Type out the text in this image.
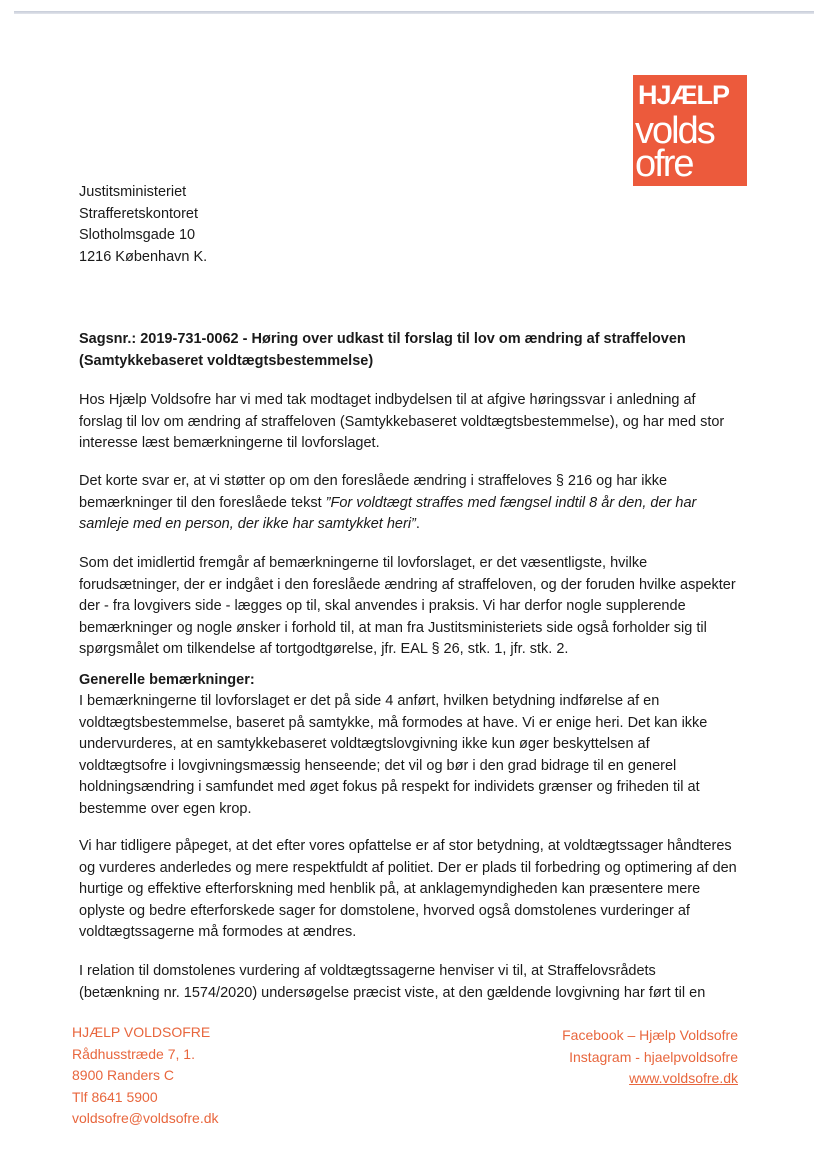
HJÆLP
volds
ofre
Justitsministeriet
Strafferetskontoret
Slotholmsgade 10
1216 København K.
Sagsnr.: 2019-731-0062 - Høring over udkast til forslag til lov om ændring af straffeloven
(Samtykkebaseret voldtægtsbestemmelse)
Hos Hjælp Voldsofre har vi med tak modtaget indbydelsen til at afgive høringssvar i anledning af forslag til lov om ændring af straffeloven (Samtykkebaseret voldtægtsbestemmelse), og har med stor interesse læst bemærkningerne til lovforslaget.
Det korte svar er, at vi støtter op om den foreslåede ændring i straffeloves § 216 og har ikke bemærkninger til den foreslåede tekst ”For voldtægt straffes med fængsel indtil 8 år den, der har samleje med en person, der ikke har samtykket heri”.
Som det imidlertid fremgår af bemærkningerne til lovforslaget, er det væsentligste, hvilke forudsætninger, der er indgået i den foreslåede ændring af straffeloven, og der foruden hvilke aspekter der - fra lovgivers side - lægges op til, skal anvendes i praksis. Vi har derfor nogle supplerende bemærkninger og nogle ønsker i forhold til, at man fra Justitsministeriets side også forholder sig til spørgsmålet om tilkendelse af tortgodtgørelse, jfr. EAL § 26, stk. 1, jfr. stk. 2.
Generelle bemærkninger:
I bemærkningerne til lovforslaget er det på side 4 anført, hvilken betydning indførelse af en voldtægtsbestemmelse, baseret på samtykke, må formodes at have. Vi er enige heri. Det kan ikke undervurderes, at en samtykkebaseret voldtægtslovgivning ikke kun øger beskyttelsen af voldtægtsofre i lovgivningsmæssig henseende; det vil og bør i den grad bidrage til en generel holdningsændring i samfundet med øget fokus på respekt for individets grænser og friheden til at bestemme over egen krop.
Vi har tidligere påpeget, at det efter vores opfattelse er af stor betydning, at voldtægtssager håndteres og vurderes anderledes og mere respektfuldt af politiet. Der er plads til forbedring og optimering af den hurtige og effektive efterforskning med henblik på, at anklagemyndigheden kan præsentere mere oplyste og bedre efterforskede sager for domstolene, hvorved også domstolenes vurderinger af voldtægtssagerne må formodes at ændres.
I relation til domstolenes vurdering af voldtægtssagerne henviser vi til, at Straffelovsrådets (betænkning nr. 1574/2020) undersøgelse præcist viste, at den gældende lovgivning har ført til en
HJÆLP VOLDSOFRE
Rådhusstræde 7, 1.
8900 Randers C
Tlf 8641 5900
voldsofre@voldsofre.dk
Facebook – Hjælp Voldsofre
Instagram - hjaelpvoldsofre
www.voldsofre.dk
